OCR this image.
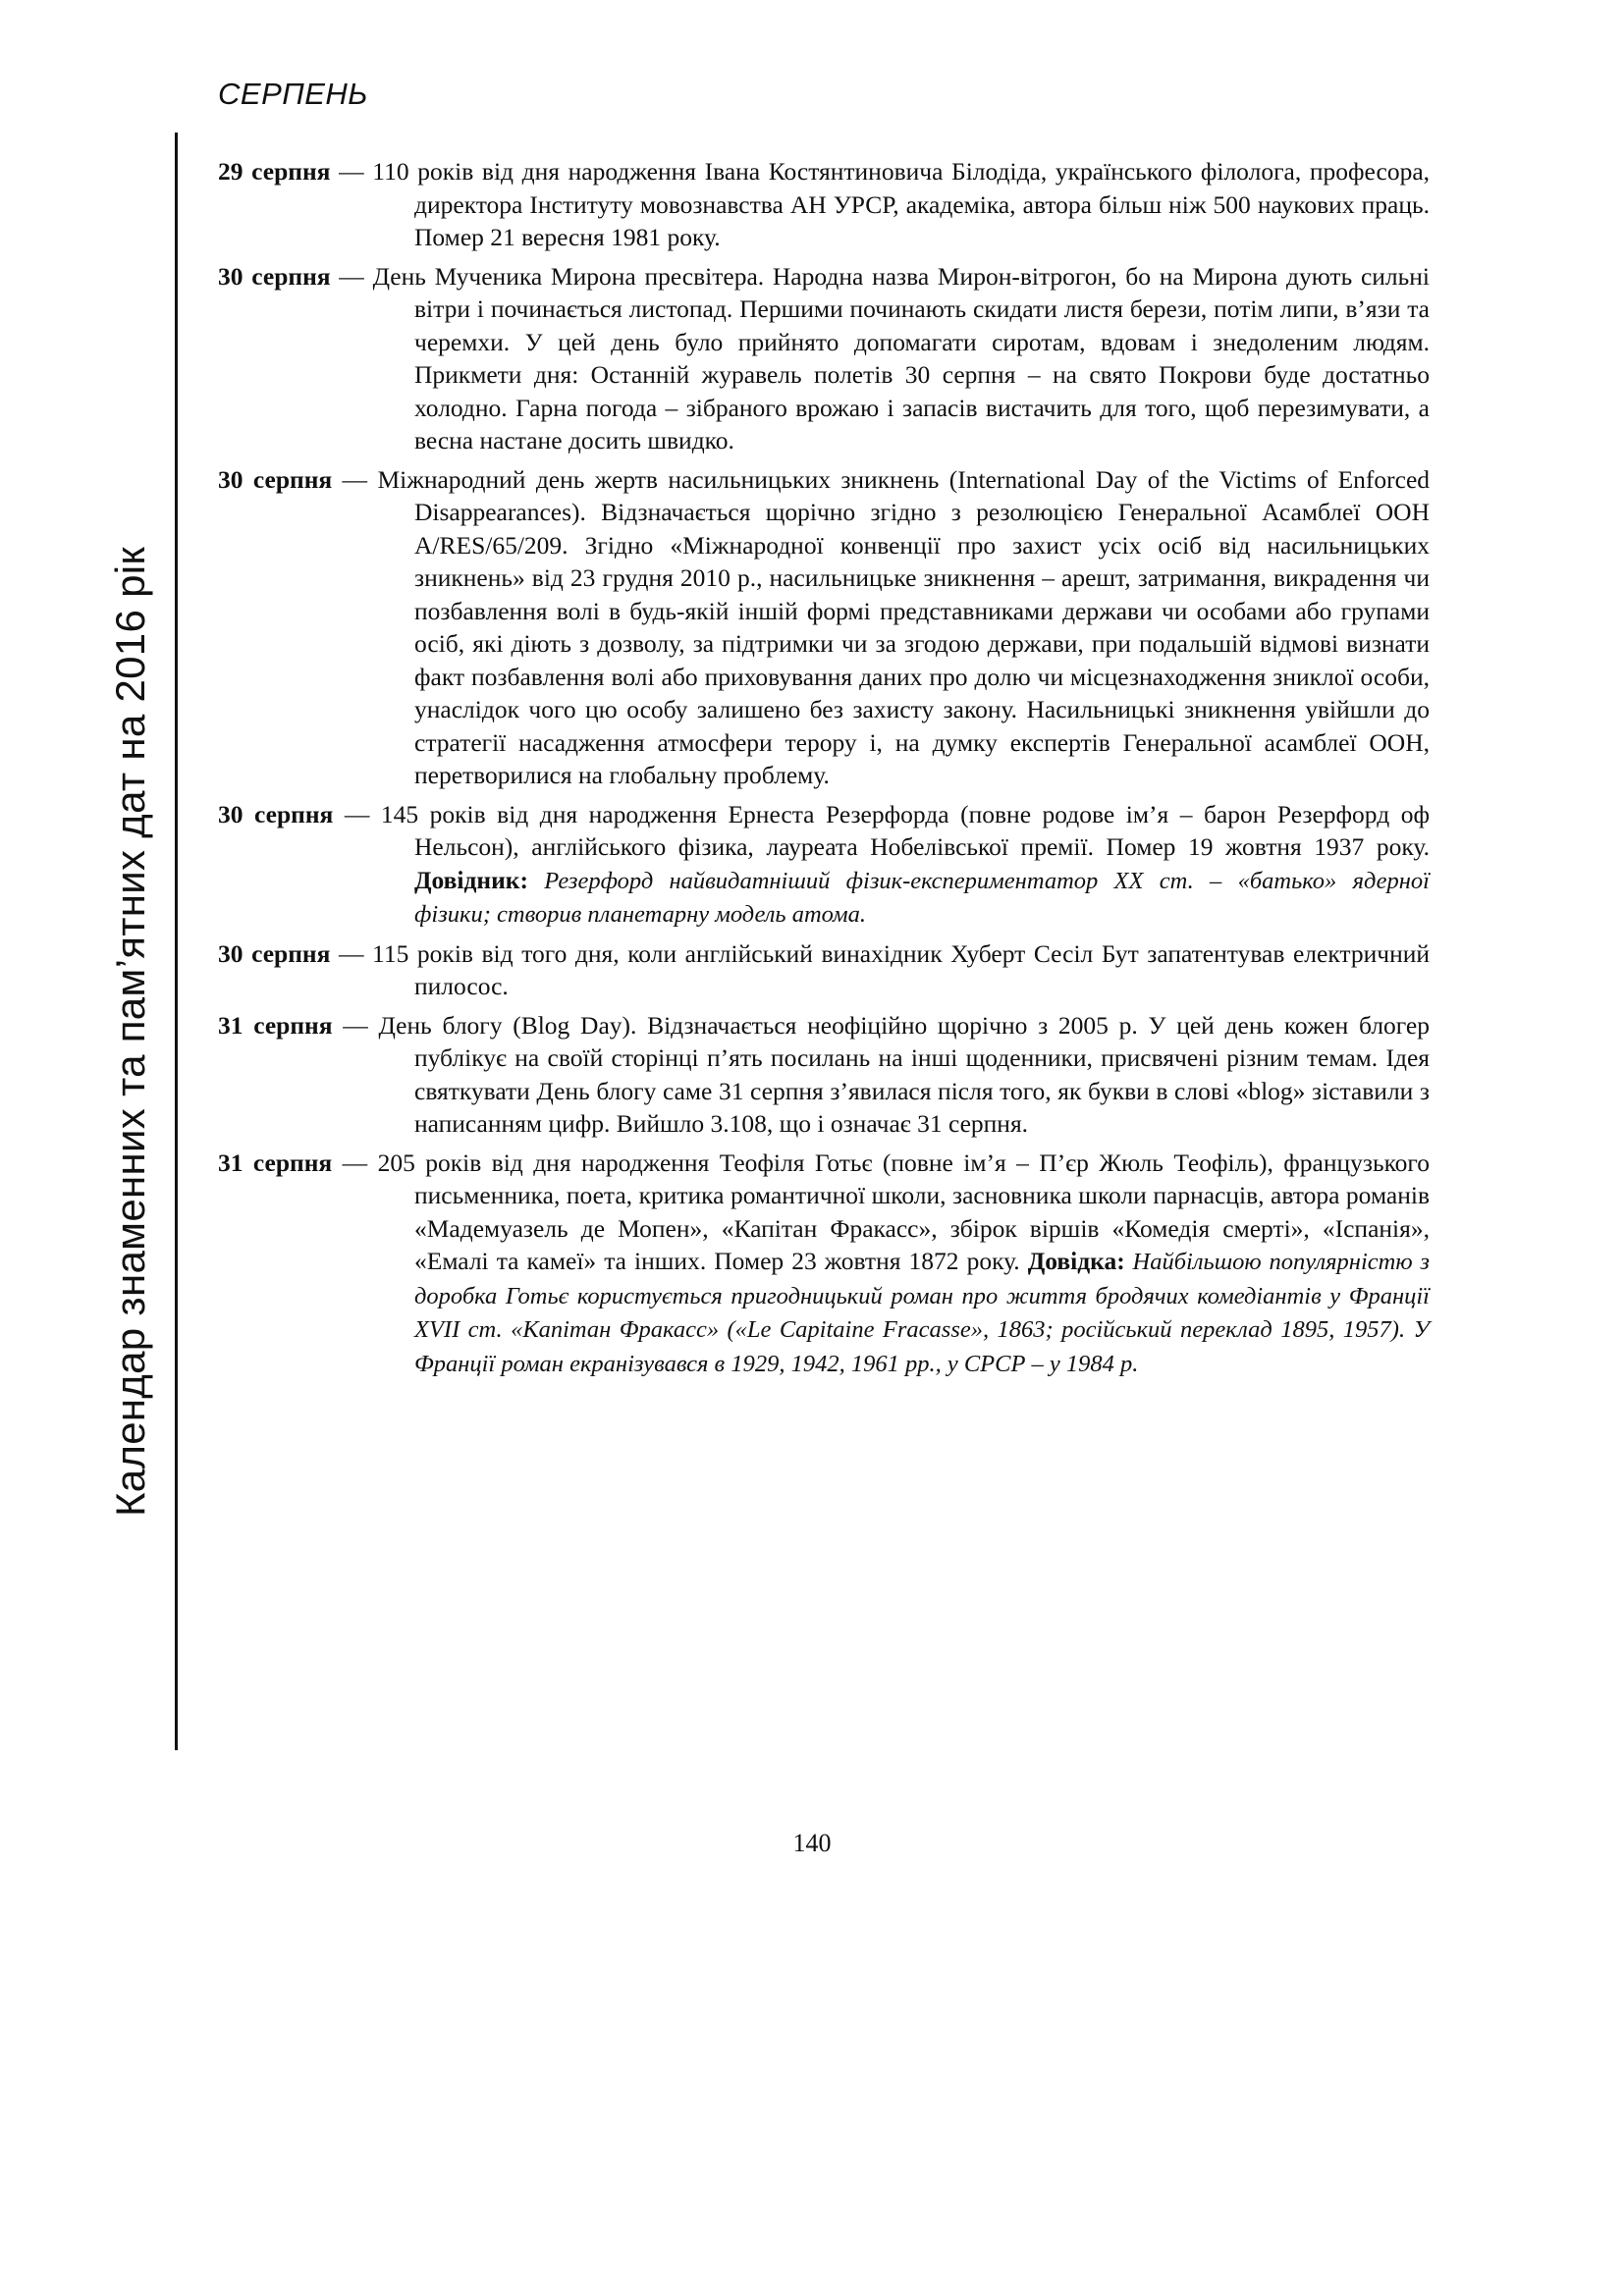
СЕРПЕНЬ
Календар знаменних та пам’ятних дат на 2016 рік

29 серпня — 110 років від дня народження Івана Костянтиновича Білодіда, українського філолога, професора, директора Інституту мовознавства АН УРСР, академіка, автора більш ніж 500 наукових праць. Помер 21 вересня 1981 року.

30 серпня — День Мученика Мирона пресвітера. Народна назва Мирон-вітрогон, бо на Мирона дують сильні вітри і починається листопад. Першими починають скидати листя берези, потім липи, в’язи та черемхи. У цей день було прийнято допомагати сиротам, вдовам і знедоленим людям. Прикмети дня: Останній журавель полетів 30 серпня – на свято Покрови буде достатньо холодно. Гарна погода – зібраного врожаю і запасів вистачить для того, щоб перезимувати, а весна настане досить швидко.

30 серпня — Міжнародний день жертв насильницьких зникнень (International Day of the Victims of Enforced Disappearances). Відзначається щорічно згідно з резолюцією Генеральної Асамблеї ООН A/RES/65/209. Згідно «Міжнародної конвенції про захист усіх осіб від насильницьких зникнень» від 23 грудня 2010 р., насильницьке зникнення – арешт, затримання, викрадення чи позбавлення волі в будь-якій іншій формі представниками держави чи особами або групами осіб, які діють з дозволу, за підтримки чи за згодою держави, при подальшій відмові визнати факт позбавлення волі або приховування даних про долю чи місцезнаходження зниклої особи, унаслідок чого цю особу залишено без захисту закону. Насильницькі зникнення увійшли до стратегії насадження атмосфери терору і, на думку експертів Генеральної асамблеї ООН, перетворилися на глобальну проблему.

30 серпня — 145 років від дня народження Ернеста Резерфорда (повне родове ім’я – барон Резерфорд оф Нельсон), англійського фізика, лауреата Нобелівської премії. Помер 19 жовтня 1937 року. Довідник: Резерфорд найвидатніший фізик-експериментатор XX ст. – «батько» ядерної фізики; створив планетарну модель атома.

30 серпня — 115 років від того дня, коли англійський винахідник Хуберт Сесіл Бут запатентував електричний пилосос.

31 серпня — День блогу (Blog Day). Відзначається неофіційно щорічно з 2005 р. У цей день кожен блогер публікує на своїй сторінці п’ять посилань на інші щоденники, присвячені різним темам. Ідея святкувати День блогу саме 31 серпня з’явилася після того, як букви в слові «blog» зіставили з написанням цифр. Вийшло 3.108, що і означає 31 серпня.

31 серпня — 205 років від дня народження Теофіля Готьє (повне ім’я – П’єр Жюль Теофіль), французького письменника, поета, критика романтичної школи, засновника школи парнасців, автора романів «Мадемуазель де Мопен», «Капітан Фракасс», збірок віршів «Комедія смерті», «Іспанія», «Емалі та камеї» та інших. Помер 23 жовтня 1872 року. Довідка: Найбільшою популярністю з доробка Готьє користується пригодницький роман про життя бродячих комедіантів у Франції XVII ст. «Капітан Фракасс» («Le Capitaine Fracasse», 1863; російський переклад 1895, 1957). У Франції роман екранізувався в 1929, 1942, 1961 рр., у СРСР – у 1984 р.

140
